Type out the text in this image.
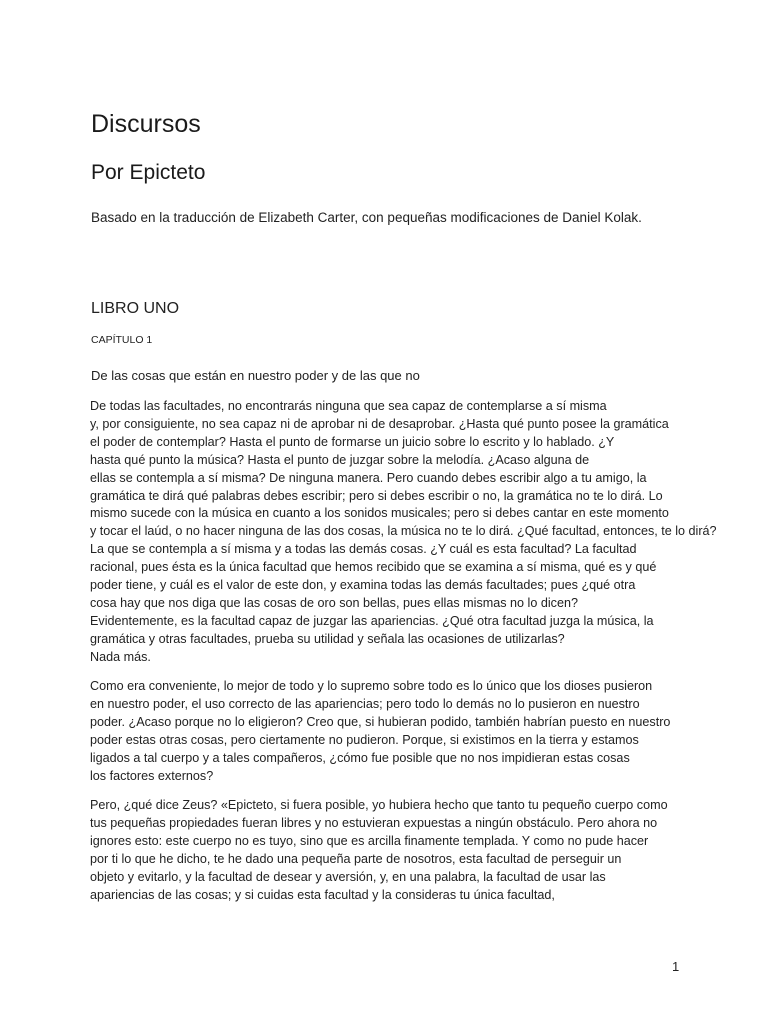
Discursos
Por Epicteto

Basado en la traducción de Elizabeth Carter, con pequeñas modificaciones de Daniel Kolak.

LIBRO UNO

CAPÍTULO 1

De las cosas que están en nuestro poder y de las que no

De todas las facultades, no encontrarás ninguna que sea capaz de contemplarse a sí misma
y, por consiguiente, no sea capaz ni de aprobar ni de desaprobar. ¿Hasta qué punto posee la gramática
el poder de contemplar? Hasta el punto de formarse un juicio sobre lo escrito y lo hablado. ¿Y
hasta qué punto la música? Hasta el punto de juzgar sobre la melodía. ¿Acaso alguna de
ellas se contempla a sí misma? De ninguna manera. Pero cuando debes escribir algo a tu amigo, la
gramática te dirá qué palabras debes escribir; pero si debes escribir o no, la gramática no te lo dirá. Lo
mismo sucede con la música en cuanto a los sonidos musicales; pero si debes cantar en este momento
y tocar el laúd, o no hacer ninguna de las dos cosas, la música no te lo dirá. ¿Qué facultad, entonces, te lo dirá?
La que se contempla a sí misma y a todas las demás cosas. ¿Y cuál es esta facultad? La facultad
racional, pues ésta es la única facultad que hemos recibido que se examina a sí misma, qué es y qué
poder tiene, y cuál es el valor de este don, y examina todas las demás facultades; pues ¿qué otra
cosa hay que nos diga que las cosas de oro son bellas, pues ellas mismas no lo dicen?
Evidentemente, es la facultad capaz de juzgar las apariencias. ¿Qué otra facultad juzga la música, la
gramática y otras facultades, prueba su utilidad y señala las ocasiones de utilizarlas?
Nada más.

Como era conveniente, lo mejor de todo y lo supremo sobre todo es lo único que los dioses pusieron
en nuestro poder, el uso correcto de las apariencias; pero todo lo demás no lo pusieron en nuestro
poder. ¿Acaso porque no lo eligieron? Creo que, si hubieran podido, también habrían puesto en nuestro
poder estas otras cosas, pero ciertamente no pudieron. Porque, si existimos en la tierra y estamos
ligados a tal cuerpo y a tales compañeros, ¿cómo fue posible que no nos impidieran estas cosas
los factores externos?

Pero, ¿qué dice Zeus? «Epicteto, si fuera posible, yo hubiera hecho que tanto tu pequeño cuerpo como
tus pequeñas propiedades fueran libres y no estuvieran expuestas a ningún obstáculo. Pero ahora no
ignores esto: este cuerpo no es tuyo, sino que es arcilla finamente templada. Y como no pude hacer
por ti lo que he dicho, te he dado una pequeña parte de nosotros, esta facultad de perseguir un
objeto y evitarlo, y la facultad de desear y aversión, y, en una palabra, la facultad de usar las
apariencias de las cosas; y si cuidas esta facultad y la consideras tu única facultad,

1
